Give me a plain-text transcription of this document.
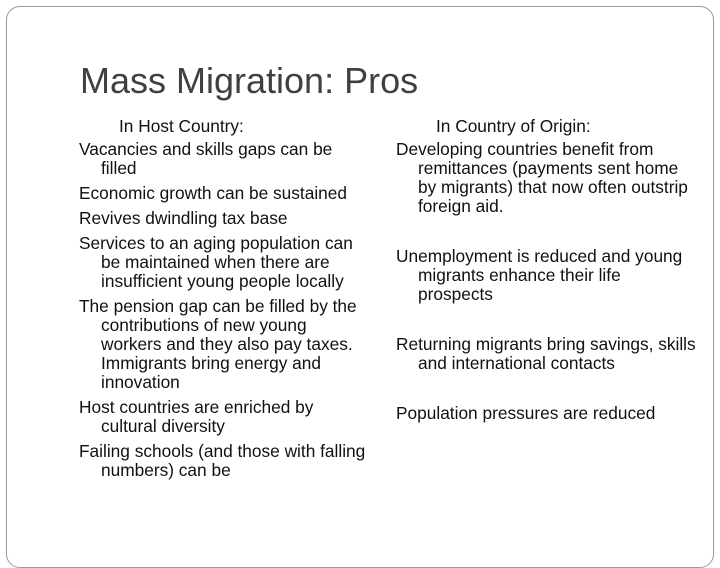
Mass Migration: Pros
In Host Country:
Vacancies and skills gaps can be filled
Economic growth can be sustained
Revives dwindling tax base
Services to an aging population can be maintained when there are insufficient young people locally
The pension gap can be filled by the contributions of new young workers and they also pay taxes.
Immigrants bring energy and innovation
Host countries are enriched by cultural diversity
Failing schools (and those with falling numbers) can be
In Country of Origin:
Developing countries benefit from remittances (payments sent home by migrants) that now often outstrip foreign aid.
Unemployment is reduced and young migrants enhance their life prospects
Returning migrants bring savings, skills and international contacts
Population pressures are reduced
